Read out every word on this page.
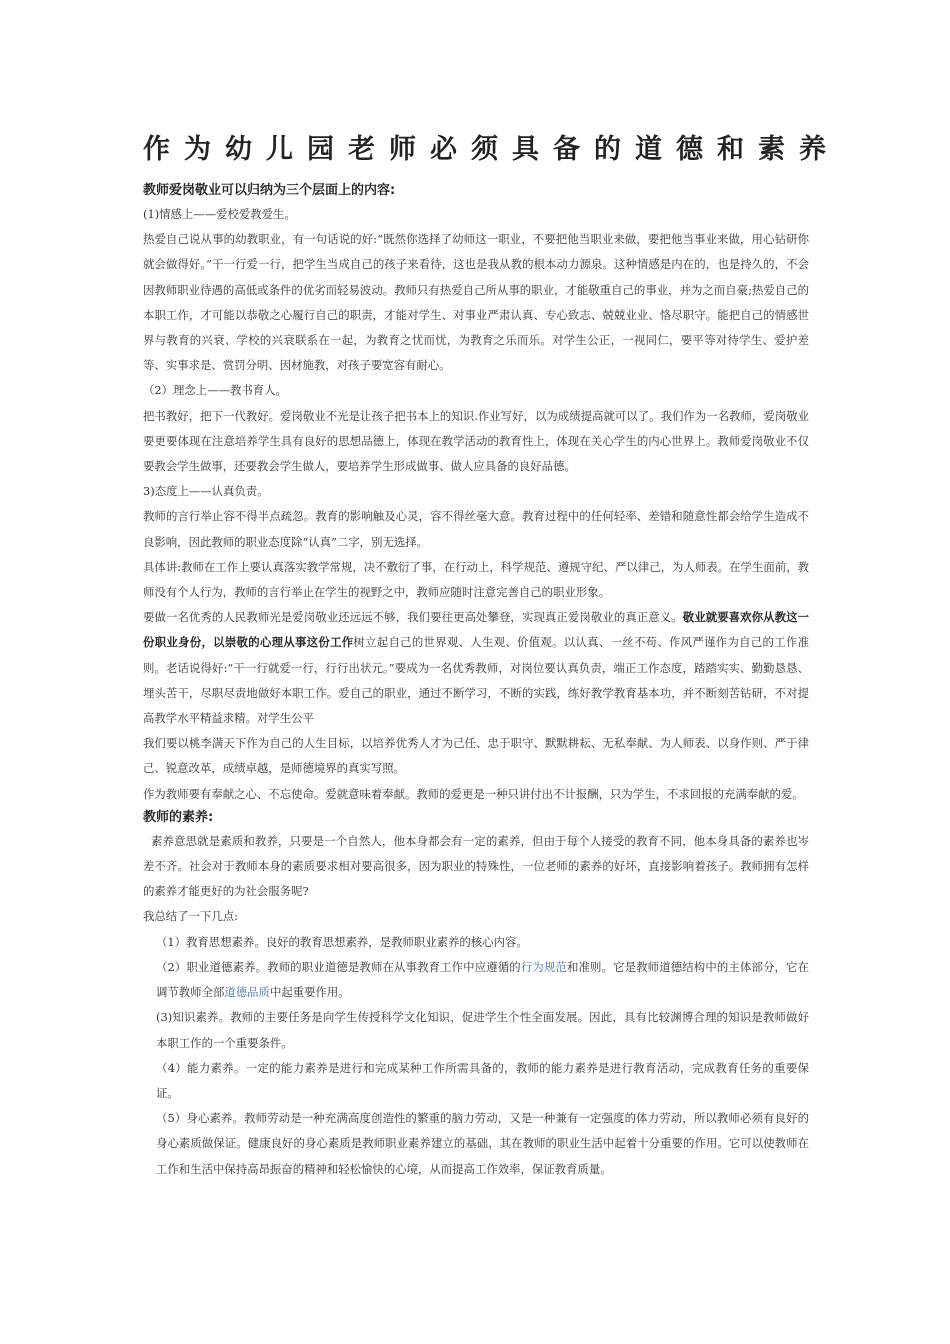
作为幼儿园老师必须具备的道德和素养
教师爱岗敬业可以归纳为三个层面上的内容:

(1)情感上——爱校爱教爱生。

热爱自己说从事的幼教职业，有一句话说的好:“既然你选择了幼师这一职业，不要把他当职业来做，要把他当事业来做，用心钻研你就会做得好。”干一行爱一行，把学生当成自己的孩子来看待，这也是我从教的根本动力源泉。这种情感是内在的，也是持久的，不会因教师职业待遇的高低或条件的优劣而轻易波动。教师只有热爱自己所从事的职业，才能敬重自己的事业，并为之而自豪;热爱自己的本职工作，才可能以恭敬之心履行自己的职责，才能对学生、对事业严肃认真、专心致志、兢兢业业、恪尽职守。能把自己的情感世界与教育的兴衰、学校的兴衰联系在一起，为教育之忧而忧，为教育之乐而乐。对学生公正，一视同仁，要平等对待学生、爱护差等、实事求是、赏罚分明、因材施教，对孩子要宽容有耐心。

（2）理念上——教书育人。

把书教好，把下一代教好。爱岗敬业不光是让孩子把书本上的知识.作业写好，以为成绩提高就可以了。我们作为一名教师，爱岗敬业要更要体现在注意培养学生具有良好的思想品德上，体现在教学活动的教育性上，体现在关心学生的内心世界上。教师爱岗敬业不仅要教会学生做事，还要教会学生做人，要培养学生形成做事、做人应具备的良好品德。

3)态度上——认真负责。

教师的言行举止容不得半点疏忽。教育的影响触及心灵，容不得丝毫大意。教育过程中的任何轻率、差错和随意性都会给学生造成不良影响，因此教师的职业态度除“认真”二字，别无选择。

具体讲:教师在工作上要认真落实教学常规，决不敷衍了事，在行动上，科学规范、遵规守纪、严以律己，为人师表。在学生面前，教师没有个人行为，教师的言行举止在学生的视野之中，教师应随时注意完善自己的职业形象。

要做一名优秀的人民教师光是爱岗敬业还远远不够，我们要往更高处攀登，实现真正爱岗敬业的真正意义。敬业就要喜欢你从教这一份职业身份，以崇敬的心理从事这份工作树立起自己的世界观、人生观、价值观。以认真、一丝不苟、作风严谨作为自己的工作准则。老话说得好:“干一行就爱一行，行行出状元。”要成为一名优秀教师，对岗位要认真负责，端正工作态度，踏踏实实、勤勤恳恳、埋头苦干，尽职尽责地做好本职工作。爱自己的职业，通过不断学习，不断的实践，练好教学教育基本功，并不断刻苦钻研，不对提高教学水平精益求精。对学生公平

我们要以桃李满天下作为自己的人生目标，以培养优秀人才为己任、忠于职守、默默耕耘、无私奉献、为人师表、以身作则、严于律己、锐意改革，成绩卓越，是师德境界的真实写照。

作为教师要有奉献之心、不忘使命。爱就意味着奉献。教师的爱更是一种只讲付出不计报酬，只为学生，不求回报的充满奉献的爱。

教师的素养:

素养意思就是素质和教养，只要是一个自然人，他本身都会有一定的素养，但由于每个人接受的教育不同，他本身具备的素养也岑差不齐。社会对于教师本身的素质要求相对要高很多，因为职业的特殊性，一位老师的素养的好坏，直接影响着孩子。教师拥有怎样的素养才能更好的为社会服务呢?

我总结了一下几点:

（1）教育思想素养。良好的教育思想素养，是教师职业素养的核心内容。

（2）职业道德素养。教师的职业道德是教师在从事教育工作中应遵循的行为规范和准则。它是教师道德结构中的主体部分，它在调节教师全部道德品质中起重要作用。

(3)知识素养。教师的主要任务是向学生传授科学文化知识，促进学生个性全面发展。因此，具有比较渊博合理的知识是教师做好本职工作的一个重要条件。

（4）能力素养。一定的能力素养是进行和完成某种工作所需具备的，教师的能力素养是进行教育活动，完成教育任务的重要保证。

（5）身心素养。教师劳动是一种充满高度创造性的繁重的脑力劳动，又是一种兼有一定强度的体力劳动，所以教师必须有良好的身心素质做保证。健康良好的身心素质是教师职业素养建立的基础，其在教师的职业生活中起着十分重要的作用。它可以使教师在工作和生活中保持高昂振奋的精神和轻松愉快的心境，从而提高工作效率，保证教育质量。
